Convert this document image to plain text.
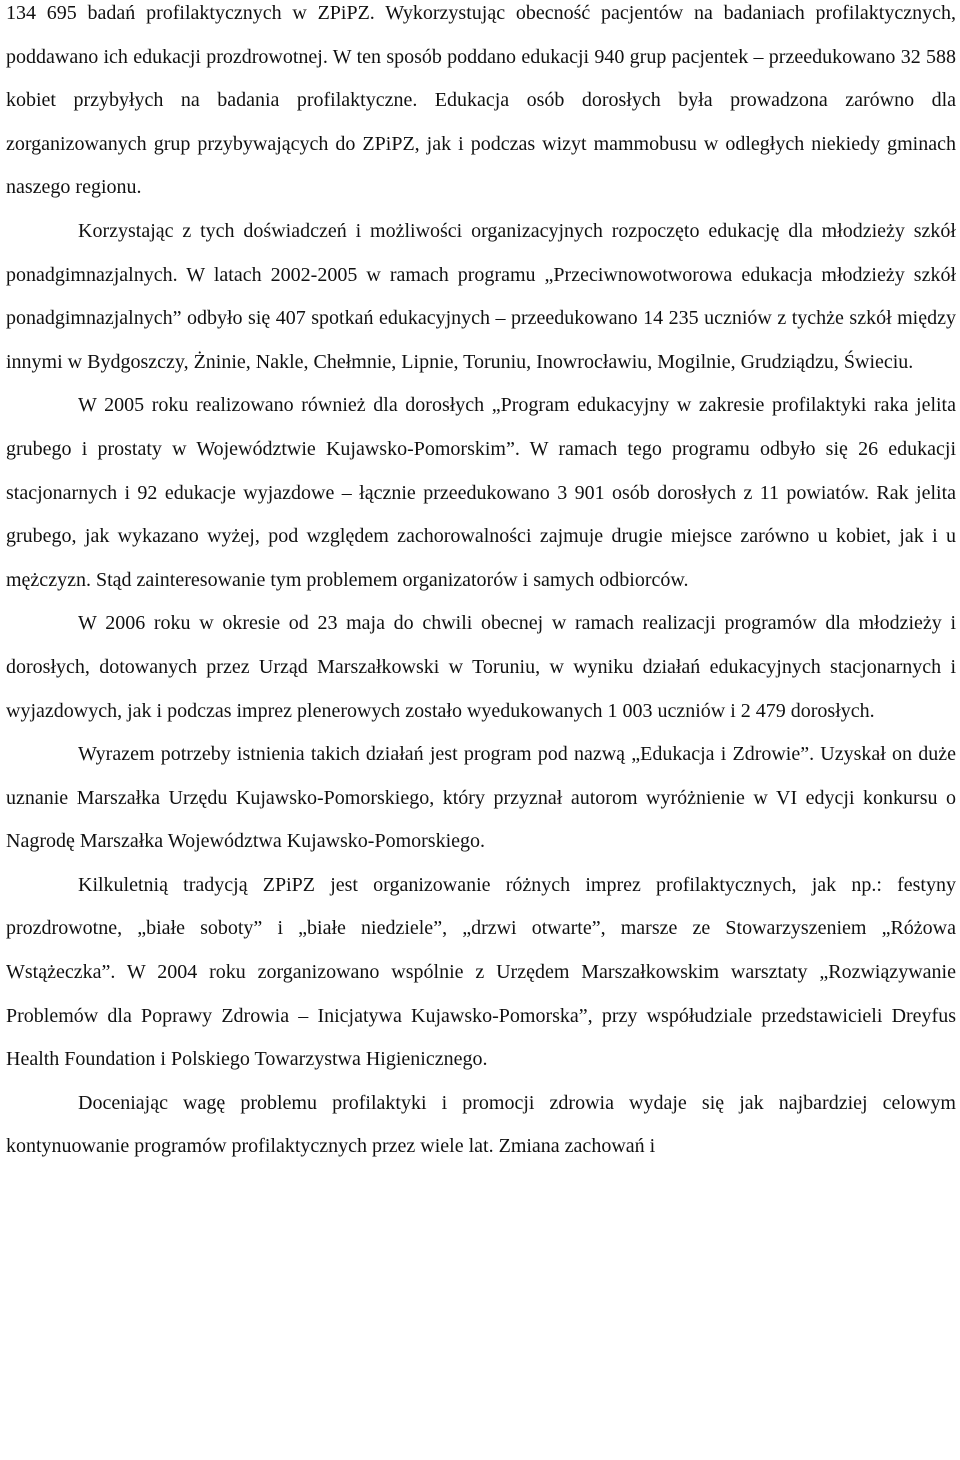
134 695 badań profilaktycznych w ZPiPZ. Wykorzystując obecność pacjentów na badaniach profilaktycznych, poddawano ich edukacji prozdrowotnej. W ten sposób poddano edukacji 940 grup pacjentek – przeedukowano 32 588 kobiet przybyłych na badania profilaktyczne. Edukacja osób dorosłych była prowadzona zarówno dla zorganizowanych grup przybywających do ZPiPZ, jak i podczas wizyt mammobusu w odległych niekiedy gminach naszego regionu.

Korzystając z tych doświadczeń i możliwości organizacyjnych rozpoczęto edukację dla młodzieży szkół ponadgimnazjalnych. W latach 2002-2005 w ramach programu „Przeciwnowotworowa edukacja młodzieży szkół ponadgimnazjalnych” odbyło się 407 spotkań edukacyjnych – przeedukowano 14 235 uczniów z tychże szkół między innymi w Bydgoszczy, Żninie, Nakle, Chełmnie, Lipnie, Toruniu, Inowrocławiu, Mogilnie, Grudziądzu, Świeciu.

W 2005 roku realizowano również dla dorosłych „Program edukacyjny w zakresie profilaktyki raka jelita grubego i prostaty w Województwie Kujawsko-Pomorskim”. W ramach tego programu odbyło się 26 edukacji stacjonarnych i 92 edukacje wyjazdowe – łącznie przeedukowano 3 901 osób dorosłych z 11 powiatów. Rak jelita grubego, jak wykazano wyżej, pod względem zachorowalności zajmuje drugie miejsce zarówno u kobiet, jak i u mężczyzn. Stąd zainteresowanie tym problemem organizatorów i samych odbiorców.

W 2006 roku w okresie od 23 maja do chwili obecnej w ramach realizacji programów dla młodzieży i dorosłych, dotowanych przez Urząd Marszałkowski w Toruniu, w wyniku działań edukacyjnych stacjonarnych i wyjazdowych, jak i podczas imprez plenerowych zostało wyedukowanych 1 003 uczniów i 2 479 dorosłych.

Wyrazem potrzeby istnienia takich działań jest program pod nazwą „Edukacja i Zdrowie”. Uzyskał on duże uznanie Marszałka Urzędu Kujawsko-Pomorskiego, który przyznał autorom wyróżnienie w VI edycji konkursu o Nagrodę Marszałka Województwa Kujawsko-Pomorskiego.

Kilkuletnią tradycją ZPiPZ jest organizowanie różnych imprez profilaktycznych, jak np.: festyny prozdrowotne, „białe soboty” i „białe niedziele”, „drzwi otwarte”, marsze ze Stowarzyszeniem „Różowa Wstążeczka”. W 2004 roku zorganizowano wspólnie z Urzędem Marszałkowskim warsztaty „Rozwiązywanie Problemów dla Poprawy Zdrowia – Inicjatywa Kujawsko-Pomorska”, przy współudziale przedstawicieli Dreyfus Health Foundation i Polskiego Towarzystwa Higienicznego.

Doceniając wagę problemu profilaktyki i promocji zdrowia wydaje się jak najbardziej celowym kontynuowanie programów profilaktycznych przez wiele lat. Zmiana zachowań i
